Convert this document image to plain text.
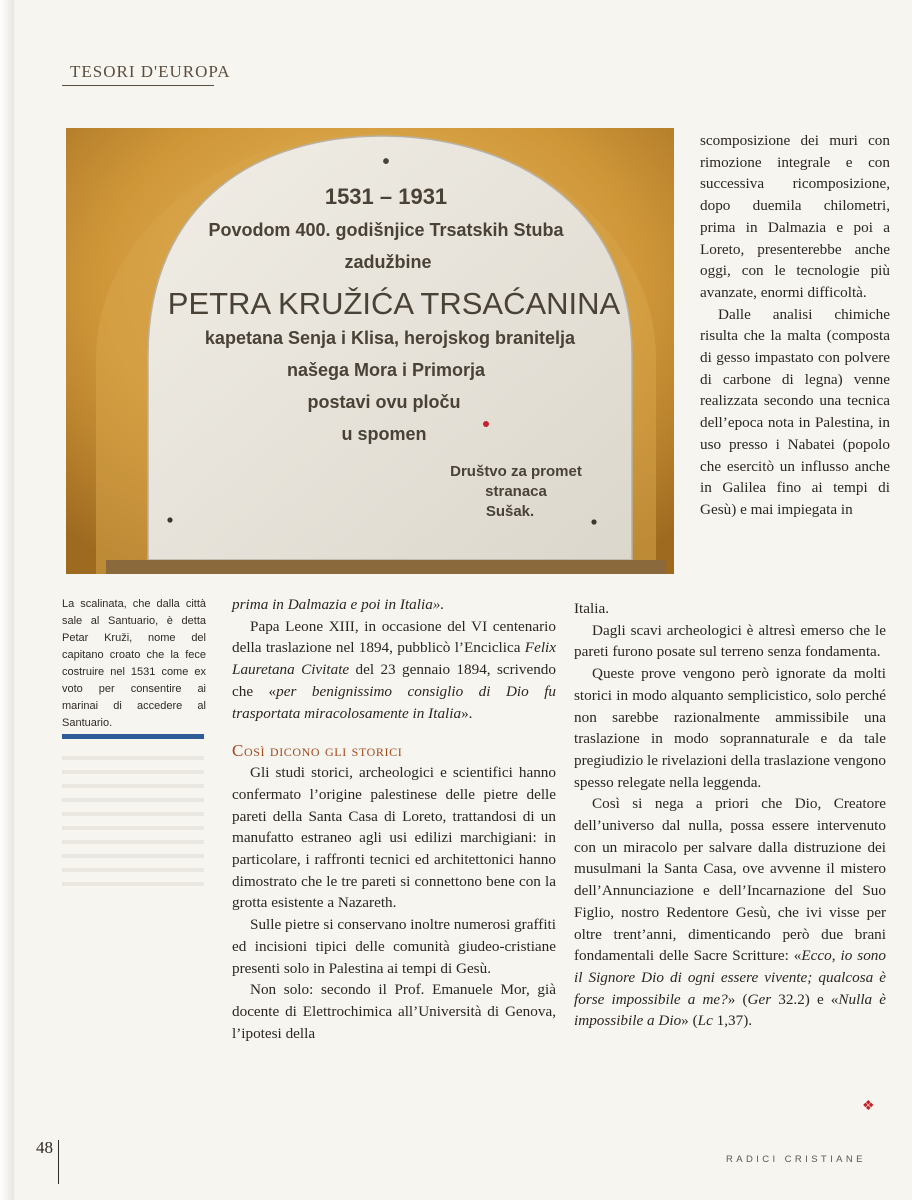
TESORI D'EUROPA
•
1531 – 1931
Povodom 400. godišnjice Trsatskih Stuba
zadužbine
PETRA KRUŽIĆA TRSAĆANINA
kapetana Senja i Klisa, herojskog branitelja
našega Mora i Primorja
postavi ovu ploču
u spomen
Društvo za promet
stranaca
Sušak.
La scalinata, che dalla città sale al Santuario, è detta Petar Kruži, nome del capitano croato che la fece costruire nel 1531 come ex voto per consentire ai marinai di accedere al Santuario.

scomposizione dei muri con rimozione integrale e con successiva ricomposizione, dopo duemila chilometri, prima in Dalmazia e poi a Loreto, presenterebbe anche oggi, con le tecnologie più avanzate, enormi difficoltà.

Dalle analisi chimiche risulta che la malta (composta di gesso impastato con polvere di carbone di legna) venne realizzata secondo una tecnica dell’epoca nota in Palestina, in uso presso i Nabatei (popolo che esercitò un influsso anche in Galilea fino ai tempi di Gesù) e mai impiegata in

prima in Dalmazia e poi in Italia».

Papa Leone XIII, in occasione del VI centenario della traslazione nel 1894, pubblicò l’Enciclica Felix Lauretana Civitate del 23 gennaio 1894, scrivendo che «per benignissimo consiglio di Dio fu trasportata miracolosamente in Italia».

Così dicono gli storici

Gli studi storici, archeologici e scientifici hanno confermato l’origine palestinese delle pietre delle pareti della Santa Casa di Loreto, trattandosi di un manufatto estraneo agli usi edilizi marchigiani: in particolare, i raffronti tecnici ed architettonici hanno dimostrato che le tre pareti si connettono bene con la grotta esistente a Nazareth.

Sulle pietre si conservano inoltre numerosi graffiti ed incisioni tipici delle comunità giudeo-cristiane presenti solo in Palestina ai tempi di Gesù.

Non solo: secondo il Prof. Emanuele Mor, già docente di Elettrochimica all’Università di Genova, l’ipotesi della

Italia.

Dagli scavi archeologici è altresì emerso che le pareti furono posate sul terreno senza fondamenta.

Queste prove vengono però ignorate da molti storici in modo alquanto semplicistico, solo perché non sarebbe razionalmente ammissibile una traslazione in modo soprannaturale e da tale pregiudizio le rivelazioni della traslazione vengono spesso relegate nella leggenda.

Così si nega a priori che Dio, Creatore dell’universo dal nulla, possa essere intervenuto con un miracolo per salvare dalla distruzione dei musulmani la Santa Casa, ove avvenne il mistero dell’Annunciazione e dell’Incarnazione del Suo Figlio, nostro Redentore Gesù, che ivi visse per oltre trent’anni, dimenticando però due brani fondamentali delle Sacre Scritture: «Ecco, io sono il Signore Dio di ogni essere vivente; qualcosa è forse impossibile a me?» (Ger 32.2) e «Nulla è impossibile a Dio» (Lc 1,37).

❖
48
RADICI CRISTIANE
